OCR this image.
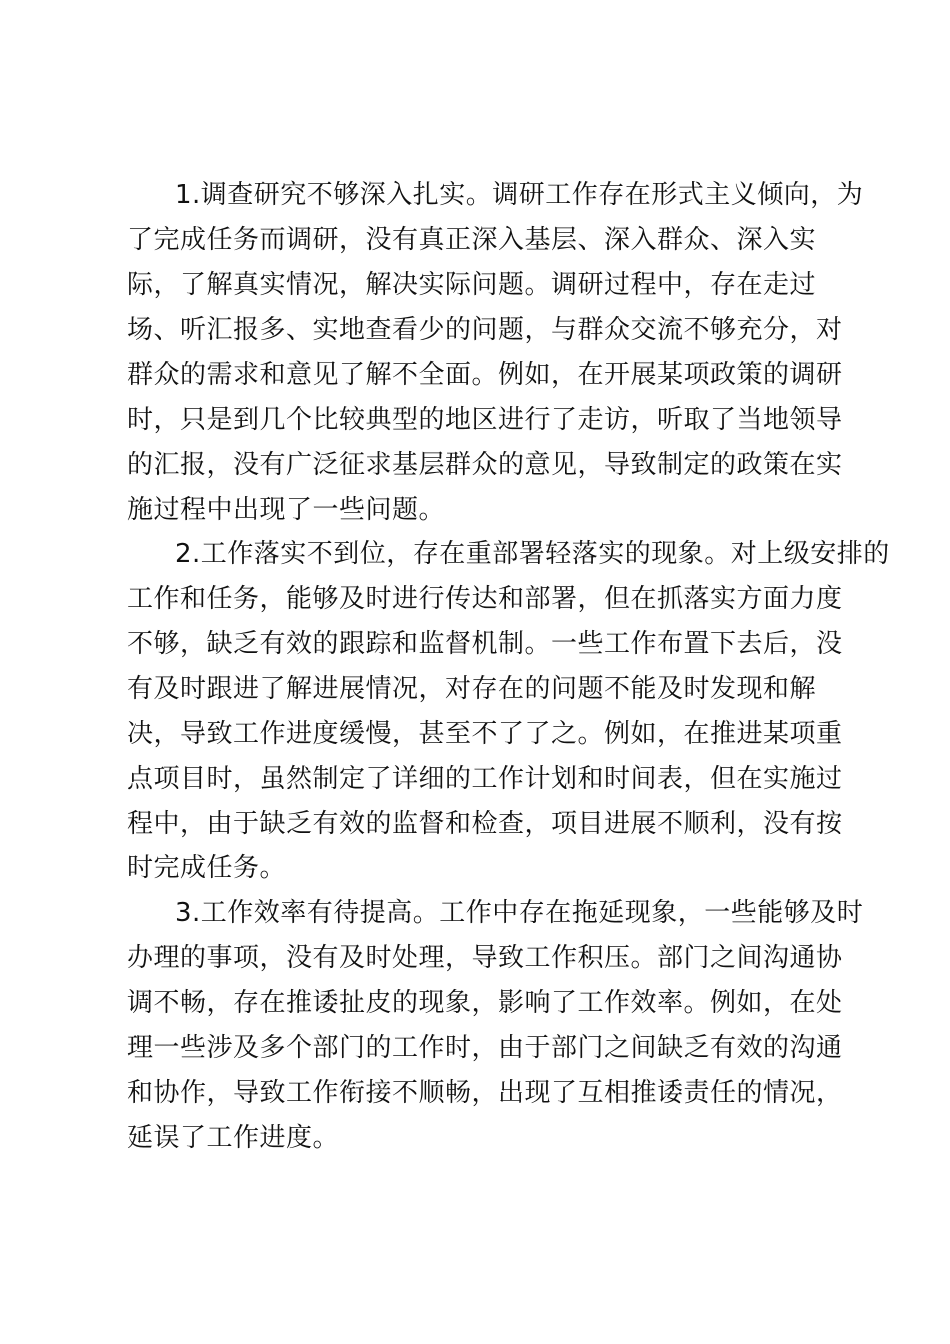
1.调查研究不够深入扎实。调研工作存在形式主义倾向，为
了完成任务而调研，没有真正深入基层、深入群众、深入实
际，了解真实情况，解决实际问题。调研过程中，存在走过
场、听汇报多、实地查看少的问题，与群众交流不够充分，对
群众的需求和意见了解不全面。例如，在开展某项政策的调研
时，只是到几个比较典型的地区进行了走访，听取了当地领导
的汇报，没有广泛征求基层群众的意见，导致制定的政策在实
施过程中出现了一些问题。
2.工作落实不到位，存在重部署轻落实的现象。对上级安排的
工作和任务，能够及时进行传达和部署，但在抓落实方面力度
不够，缺乏有效的跟踪和监督机制。一些工作布置下去后，没
有及时跟进了解进展情况，对存在的问题不能及时发现和解
决，导致工作进度缓慢，甚至不了了之。例如，在推进某项重
点项目时，虽然制定了详细的工作计划和时间表，但在实施过
程中，由于缺乏有效的监督和检查，项目进展不顺利，没有按
时完成任务。
3.工作效率有待提高。工作中存在拖延现象，一些能够及时
办理的事项，没有及时处理，导致工作积压。部门之间沟通协
调不畅，存在推诿扯皮的现象，影响了工作效率。例如，在处
理一些涉及多个部门的工作时，由于部门之间缺乏有效的沟通
和协作，导致工作衔接不顺畅，出现了互相推诿责任的情况，
延误了工作进度。
